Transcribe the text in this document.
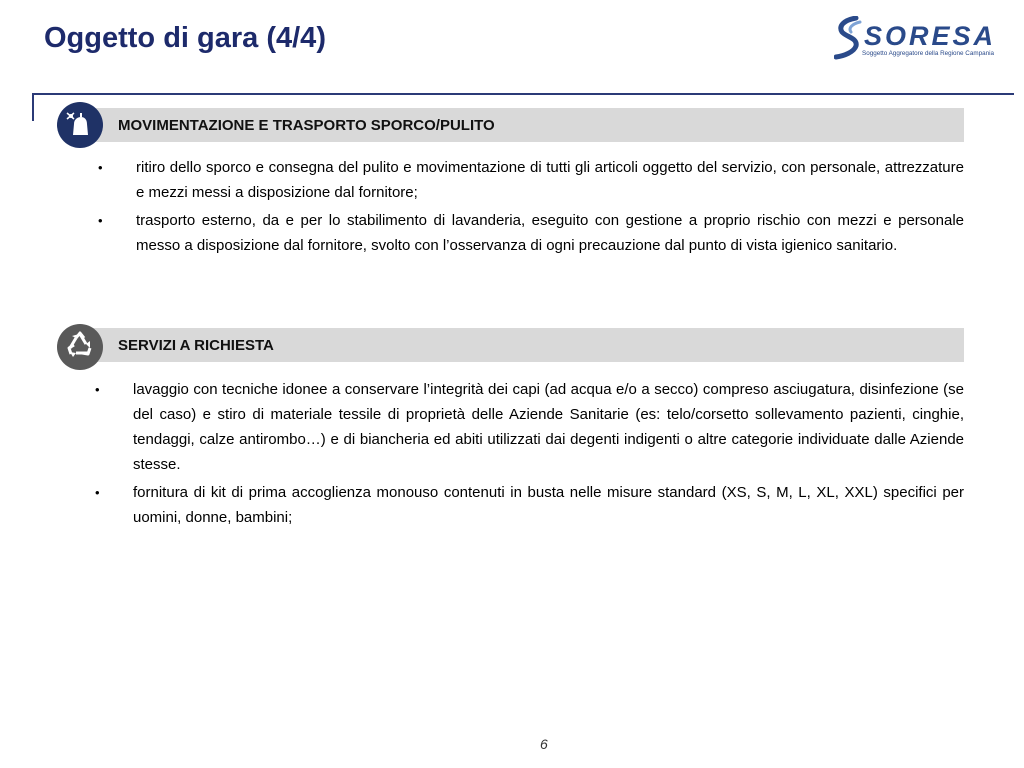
Oggetto di gara (4/4)	SORESA
Soggetto Aggregatore della Regione Campania
MOVIMENTAZIONE E TRASPORTO SPORCO/PULITO
• ritiro dello sporco e consegna del pulito e movimentazione di tutti gli articoli oggetto del servizio, con personale, attrezzature e mezzi messi a disposizione dal fornitore;
• trasporto esterno, da e per lo stabilimento di lavanderia, eseguito con gestione a proprio rischio con mezzi e personale messo a disposizione dal fornitore, svolto con l’osservanza di ogni precauzione dal punto di vista igienico sanitario.
SERVIZI A RICHIESTA
• lavaggio con tecniche idonee a conservare l’integrità dei capi (ad acqua e/o a secco) compreso asciugatura, disinfezione (se del caso) e stiro di materiale tessile di proprietà delle Aziende Sanitarie (es: telo/corsetto sollevamento pazienti, cinghie, tendaggi, calze antirombo…) e di biancheria ed abiti utilizzati dai degenti indigenti o altre categorie individuate dalle Aziende stesse.
• fornitura di kit di prima accoglienza monouso contenuti in busta nelle misure standard (XS, S, M, L, XL, XXL) specifici per uomini, donne, bambini;
6
